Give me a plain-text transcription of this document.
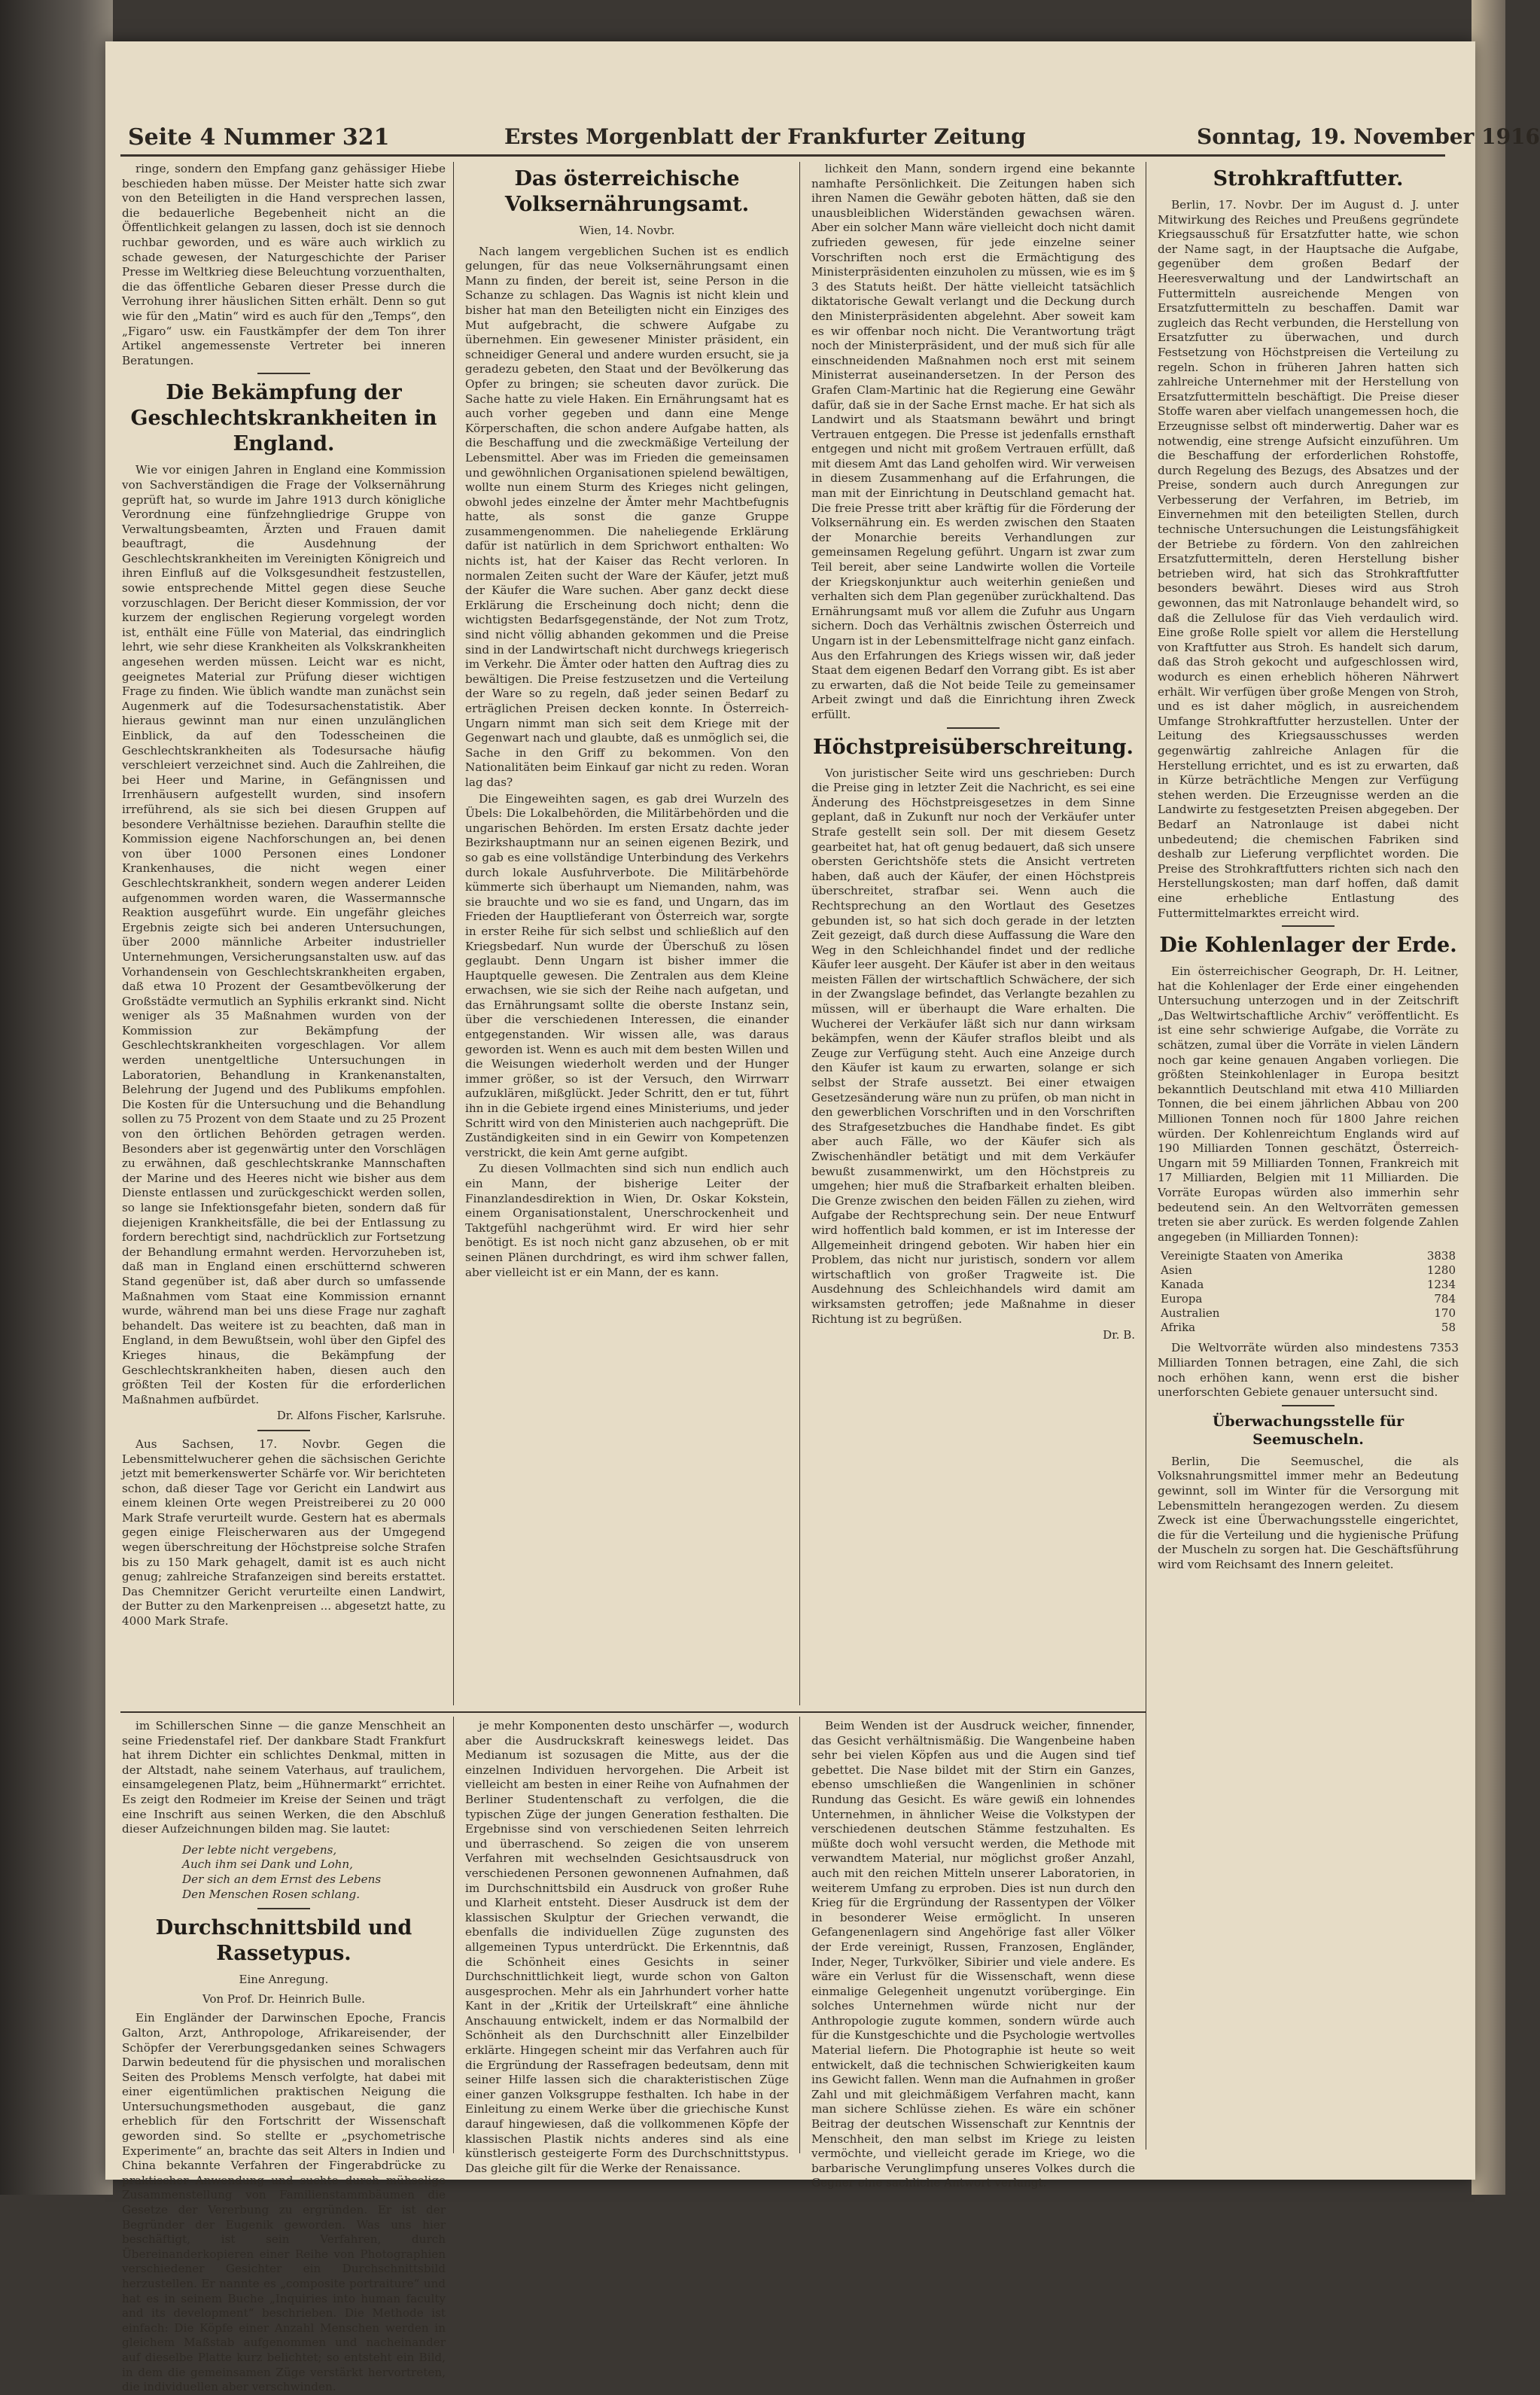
Seite 4 Nummer 321	Erstes Morgenblatt der Frankfurter Zeitung	Sonntag, 19. November 1916

ringe, sondern den Empfang ganz gehässiger Hiebe beschieden haben müsse. Der Meister hatte sich zwar von den Beteiligten in die Hand versprechen lassen, die bedauerliche Begebenheit nicht an die Öffentlichkeit gelangen zu lassen, doch ist sie dennoch ruchbar geworden, und es wäre auch wirklich zu schade gewesen, der Naturgeschichte der Pariser Presse im Weltkrieg diese Beleuchtung vorzuenthalten, die das öffentliche Gebaren dieser Presse durch die Verrohung ihrer häuslichen Sitten erhält. Denn so gut wie für den „Matin“ wird es auch für den „Temps“, den „Figaro“ usw. ein Faustkämpfer der dem Ton ihrer Artikel angemessenste Vertreter bei inneren Beratungen.

Die Bekämpfung der Geschlechtskrankheiten in England.

Wie vor einigen Jahren in England eine Kommission von Sachverständigen die Frage der Volksernährung geprüft hat, so wurde im Jahre 1913 durch königliche Verordnung eine fünfzehngliedrige Gruppe von Verwaltungsbeamten, Ärzten und Frauen damit beauftragt, die Ausdehnung der Geschlechtskrankheiten im Vereinigten Königreich und ihren Einfluß auf die Volksgesundheit festzustellen, sowie entsprechende Mittel gegen diese Seuche vorzuschlagen. Der Bericht dieser Kommission, der vor kurzem der englischen Regierung vorgelegt worden ist, enthält eine Fülle von Material, das eindringlich lehrt, wie sehr diese Krankheiten als Volkskrankheiten angesehen werden müssen. Leicht war es nicht, geeignetes Material zur Prüfung dieser wichtigen Frage zu finden. Wie üblich wandte man zunächst sein Augenmerk auf die Todesursachenstatistik. Aber hieraus gewinnt man nur einen unzulänglichen Einblick, da auf den Todesscheinen die Geschlechtskrankheiten als Todesursache häufig verschleiert verzeichnet sind. Auch die Zahlreihen, die bei Heer und Marine, in Gefängnissen und Irrenhäusern aufgestellt wurden, sind insofern irreführend, als sie sich bei diesen Gruppen auf besondere Verhältnisse beziehen. Daraufhin stellte die Kommission eigene Nachforschungen an, bei denen von über 1000 Personen eines Londoner Krankenhauses, die nicht wegen einer Geschlechtskrankheit, sondern wegen anderer Leiden aufgenommen worden waren, die Wassermannsche Reaktion ausgeführt wurde. Ein ungefähr gleiches Ergebnis zeigte sich bei anderen Untersuchungen, über 2000 männliche Arbeiter industrieller Unternehmungen, Versicherungsanstalten usw. auf das Vorhandensein von Geschlechtskrankheiten ergaben, daß etwa 10 Prozent der Gesamtbevölkerung der Großstädte vermutlich an Syphilis erkrankt sind. Nicht weniger als 35 Maßnahmen wurden von der Kommission zur Bekämpfung der Geschlechtskrankheiten vorgeschlagen. Vor allem werden unentgeltliche Untersuchungen in Laboratorien, Behandlung in Krankenanstalten, Belehrung der Jugend und des Publikums empfohlen. Die Kosten für die Untersuchung und die Behandlung sollen zu 75 Prozent von dem Staate und zu 25 Prozent von den örtlichen Behörden getragen werden. Besonders aber ist gegenwärtig unter den Vorschlägen zu erwähnen, daß geschlechtskranke Mannschaften der Marine und des Heeres nicht wie bisher aus dem Dienste entlassen und zurückgeschickt werden sollen, so lange sie Infektionsgefahr bieten, sondern daß für diejenigen Krankheitsfälle, die bei der Entlassung zu fordern berechtigt sind, nachdrücklich zur Fortsetzung der Behandlung ermahnt werden. Hervorzuheben ist, daß man in England einen erschütternd schweren Stand gegenüber ist, daß aber durch so umfassende Maßnahmen vom Staat eine Kommission ernannt wurde, während man bei uns diese Frage nur zaghaft behandelt. Das weitere ist zu beachten, daß man in England, in dem Bewußtsein, wohl über den Gipfel des Krieges hinaus, die Bekämpfung der Geschlechtskrankheiten haben, diesen auch den größten Teil der Kosten für die erforderlichen Maßnahmen aufbürdet.

Dr. Alfons Fischer, Karlsruhe.

Aus Sachsen, 17. Novbr. Gegen die Lebensmittelwucherer gehen die sächsischen Gerichte jetzt mit bemerkenswerter Schärfe vor. Wir berichteten schon, daß dieser Tage vor Gericht ein Landwirt aus einem kleinen Orte wegen Preistreiberei zu 20 000 Mark Strafe verurteilt wurde. Gestern hat es abermals gegen einige Fleischerwaren aus der Umgegend wegen überschreitung der Höchstpreise solche Strafen bis zu 150 Mark gehagelt, damit ist es auch nicht genug; zahlreiche Strafanzeigen sind bereits erstattet. Das Chemnitzer Gericht verurteilte einen Landwirt, der Butter zu den Markenpreisen ... abgesetzt hatte, zu 4000 Mark Strafe.

Das österreichische Volksernährungsamt.
Wien, 14. Novbr.

Nach langem vergeblichen Suchen ist es endlich gelungen, für das neue Volksernährungsamt einen Mann zu finden, der bereit ist, seine Person in die Schanze zu schlagen. Das Wagnis ist nicht klein und bisher hat man den Beteiligten nicht ein Einziges des Mut aufgebracht, die schwere Aufgabe zu übernehmen. Ein gewesener Minister präsident, ein schneidiger General und andere wurden ersucht, sie ja geradezu gebeten, den Staat und der Bevölkerung das Opfer zu bringen; sie scheuten davor zurück. Die Sache hatte zu viele Haken. Ein Ernährungsamt hat es auch vorher gegeben und dann eine Menge Körperschaften, die schon andere Aufgabe hatten, als die Beschaffung und die zweckmäßige Verteilung der Lebensmittel. Aber was im Frieden die gemeinsamen und gewöhnlichen Organisationen spielend bewältigen, wollte nun einem Sturm des Krieges nicht gelingen, obwohl jedes einzelne der Ämter mehr Machtbefugnis hatte, als sonst die ganze Gruppe zusammengenommen. Die naheliegende Erklärung dafür ist natürlich in dem Sprichwort enthalten: Wo nichts ist, hat der Kaiser das Recht verloren. In normalen Zeiten sucht der Ware der Käufer, jetzt muß der Käufer die Ware suchen. Aber ganz deckt diese Erklärung die Erscheinung doch nicht; denn die wichtigsten Bedarfsgegenstände, der Not zum Trotz, sind nicht völlig abhanden gekommen und die Preise sind in der Landwirtschaft nicht durchwegs kriegerisch im Verkehr. Die Ämter oder hatten den Auftrag dies zu bewältigen. Die Preise festzusetzen und die Verteilung der Ware so zu regeln, daß jeder seinen Bedarf zu erträglichen Preisen decken konnte. In Österreich-Ungarn nimmt man sich seit dem Kriege mit der Gegenwart nach und glaubte, daß es unmöglich sei, die Sache in den Griff zu bekommen. Von den Nationalitäten beim Einkauf gar nicht zu reden. Woran lag das?

Die Eingeweihten sagen, es gab drei Wurzeln des Übels: Die Lokalbehörden, die Militärbehörden und die ungarischen Behörden. Im ersten Ersatz dachte jeder Bezirkshauptmann nur an seinen eigenen Bezirk, und so gab es eine vollständige Unterbindung des Verkehrs durch lokale Ausfuhrverbote. Die Militärbehörde kümmerte sich überhaupt um Niemanden, nahm, was sie brauchte und wo sie es fand, und Ungarn, das im Frieden der Hauptlieferant von Österreich war, sorgte in erster Reihe für sich selbst und schließlich auf den Kriegsbedarf. Nun wurde der Überschuß zu lösen geglaubt. Denn Ungarn ist bisher immer die Hauptquelle gewesen. Die Zentralen aus dem Kleine erwachsen, wie sie sich der Reihe nach aufgetan, und das Ernährungsamt sollte die oberste Instanz sein, über die verschiedenen Interessen, die einander entgegenstanden. Wir wissen alle, was daraus geworden ist. Wenn es auch mit dem besten Willen und die Weisungen wiederholt werden und der Hunger immer größer, so ist der Versuch, den Wirrwarr aufzuklären, mißglückt. Jeder Schritt, den er tut, führt ihn in die Gebiete irgend eines Ministeriums, und jeder Schritt wird von den Ministerien auch nachgeprüft. Die Zuständigkeiten sind in ein Gewirr von Kompetenzen verstrickt, die kein Amt gerne aufgibt.

Zu diesen Vollmachten sind sich nun endlich auch ein Mann, der bisherige Leiter der Finanzlandesdirektion in Wien, Dr. Oskar Kokstein, einem Organisationstalent, Unerschrockenheit und Taktgefühl nachgerühmt wird. Er wird hier sehr benötigt. Es ist noch nicht ganz abzusehen, ob er mit seinen Plänen durchdringt, es wird ihm schwer fallen, aber vielleicht ist er ein Mann, der es kann.

lichkeit den Mann, sondern irgend eine bekannte namhafte Persönlichkeit. Die Zeitungen haben sich ihren Namen die Gewähr geboten hätten, daß sie den unausbleiblichen Widerständen gewachsen wären. Aber ein solcher Mann wäre vielleicht doch nicht damit zufrieden gewesen, für jede einzelne seiner Vorschriften noch erst die Ermächtigung des Ministerpräsidenten einzuholen zu müssen, wie es im § 3 des Statuts heißt. Der hätte vielleicht tatsächlich diktatorische Gewalt verlangt und die Deckung durch den Ministerpräsidenten abgelehnt. Aber soweit kam es wir offenbar noch nicht. Die Verantwortung trägt noch der Ministerpräsident, und der muß sich für alle einschneidenden Maßnahmen noch erst mit seinem Ministerrat auseinandersetzen. In der Person des Grafen Clam-Martinic hat die Regierung eine Gewähr dafür, daß sie in der Sache Ernst mache. Er hat sich als Landwirt und als Staatsmann bewährt und bringt Vertrauen entgegen. Die Presse ist jedenfalls ernsthaft entgegen und nicht mit großem Vertrauen erfüllt, daß mit diesem Amt das Land geholfen wird. Wir verweisen in diesem Zusammenhang auf die Erfahrungen, die man mit der Einrichtung in Deutschland gemacht hat. Die freie Presse tritt aber kräftig für die Förderung der Volksernährung ein. Es werden zwischen den Staaten der Monarchie bereits Verhandlungen zur gemeinsamen Regelung geführt. Ungarn ist zwar zum Teil bereit, aber seine Landwirte wollen die Vorteile der Kriegskonjunktur auch weiterhin genießen und verhalten sich dem Plan gegenüber zurückhaltend. Das Ernährungsamt muß vor allem die Zufuhr aus Ungarn sichern. Doch das Verhältnis zwischen Österreich und Ungarn ist in der Lebensmittelfrage nicht ganz einfach. Aus den Erfahrungen des Kriegs wissen wir, daß jeder Staat dem eigenen Bedarf den Vorrang gibt. Es ist aber zu erwarten, daß die Not beide Teile zu gemeinsamer Arbeit zwingt und daß die Einrichtung ihren Zweck erfüllt.

Höchstpreisüberschreitung.

Von juristischer Seite wird uns geschrieben: Durch die Preise ging in letzter Zeit die Nachricht, es sei eine Änderung des Höchstpreisgesetzes in dem Sinne geplant, daß in Zukunft nur noch der Verkäufer unter Strafe gestellt sein soll. Der mit diesem Gesetz gearbeitet hat, hat oft genug bedauert, daß sich unsere obersten Gerichtshöfe stets die Ansicht vertreten haben, daß auch der Käufer, der einen Höchstpreis überschreitet, strafbar sei. Wenn auch die Rechtsprechung an den Wortlaut des Gesetzes gebunden ist, so hat sich doch gerade in der letzten Zeit gezeigt, daß durch diese Auffassung die Ware den Weg in den Schleichhandel findet und der redliche Käufer leer ausgeht. Der Käufer ist aber in den weitaus meisten Fällen der wirtschaftlich Schwächere, der sich in der Zwangslage befindet, das Verlangte bezahlen zu müssen, will er überhaupt die Ware erhalten. Die Wucherei der Verkäufer läßt sich nur dann wirksam bekämpfen, wenn der Käufer straflos bleibt und als Zeuge zur Verfügung steht. Auch eine Anzeige durch den Käufer ist kaum zu erwarten, solange er sich selbst der Strafe aussetzt. Bei einer etwaigen Gesetzesänderung wäre nun zu prüfen, ob man nicht in den gewerblichen Vorschriften und in den Vorschriften des Strafgesetzbuches die Handhabe findet. Es gibt aber auch Fälle, wo der Käufer sich als Zwischenhändler betätigt und mit dem Verkäufer bewußt zusammenwirkt, um den Höchstpreis zu umgehen; hier muß die Strafbarkeit erhalten bleiben. Die Grenze zwischen den beiden Fällen zu ziehen, wird Aufgabe der Rechtsprechung sein. Der neue Entwurf wird hoffentlich bald kommen, er ist im Interesse der Allgemeinheit dringend geboten. Wir haben hier ein Problem, das nicht nur juristisch, sondern vor allem wirtschaftlich von großer Tragweite ist. Die Ausdehnung des Schleichhandels wird damit am wirksamsten getroffen; jede Maßnahme in dieser Richtung ist zu begrüßen.

Dr. B.
Strohkraftfutter.

Berlin, 17. Novbr. Der im August d. J. unter Mitwirkung des Reiches und Preußens gegründete Kriegsausschuß für Ersatzfutter hatte, wie schon der Name sagt, in der Hauptsache die Aufgabe, gegenüber dem großen Bedarf der Heeresverwaltung und der Landwirtschaft an Futtermitteln ausreichende Mengen von Ersatzfuttermitteln zu beschaffen. Damit war zugleich das Recht verbunden, die Herstellung von Ersatzfutter zu überwachen, und durch Festsetzung von Höchstpreisen die Verteilung zu regeln. Schon in früheren Jahren hatten sich zahlreiche Unternehmer mit der Herstellung von Ersatzfuttermitteln beschäftigt. Die Preise dieser Stoffe waren aber vielfach unangemessen hoch, die Erzeugnisse selbst oft minderwertig. Daher war es notwendig, eine strenge Aufsicht einzuführen. Um die Beschaffung der erforderlichen Rohstoffe, durch Regelung des Bezugs, des Absatzes und der Preise, sondern auch durch Anregungen zur Verbesserung der Verfahren, im Betrieb, im Einvernehmen mit den beteiligten Stellen, durch technische Untersuchungen die Leistungsfähigkeit der Betriebe zu fördern. Von den zahlreichen Ersatzfuttermitteln, deren Herstellung bisher betrieben wird, hat sich das Strohkraftfutter besonders bewährt. Dieses wird aus Stroh gewonnen, das mit Natronlauge behandelt wird, so daß die Zellulose für das Vieh verdaulich wird. Eine große Rolle spielt vor allem die Herstellung von Kraftfutter aus Stroh. Es handelt sich darum, daß das Stroh gekocht und aufgeschlossen wird, wodurch es einen erheblich höheren Nährwert erhält. Wir verfügen über große Mengen von Stroh, und es ist daher möglich, in ausreichendem Umfange Strohkraftfutter herzustellen. Unter der Leitung des Kriegsausschusses werden gegenwärtig zahlreiche Anlagen für die Herstellung errichtet, und es ist zu erwarten, daß in Kürze beträchtliche Mengen zur Verfügung stehen werden. Die Erzeugnisse werden an die Landwirte zu festgesetzten Preisen abgegeben. Der Bedarf an Natronlauge ist dabei nicht unbedeutend; die chemischen Fabriken sind deshalb zur Lieferung verpflichtet worden. Die Preise des Strohkraftfutters richten sich nach den Herstellungskosten; man darf hoffen, daß damit eine erhebliche Entlastung des Futtermittelmarktes erreicht wird.

Die Kohlenlager der Erde.

Ein österreichischer Geograph, Dr. H. Leitner, hat die Kohlenlager der Erde einer eingehenden Untersuchung unterzogen und in der Zeitschrift „Das Weltwirtschaftliche Archiv“ veröffentlicht. Es ist eine sehr schwierige Aufgabe, die Vorräte zu schätzen, zumal über die Vorräte in vielen Ländern noch gar keine genauen Angaben vorliegen. Die größten Steinkohlenlager in Europa besitzt bekanntlich Deutschland mit etwa 410 Milliarden Tonnen, die bei einem jährlichen Abbau von 200 Millionen Tonnen noch für 1800 Jahre reichen würden. Der Kohlenreichtum Englands wird auf 190 Milliarden Tonnen geschätzt, Österreich-Ungarn mit 59 Milliarden Tonnen, Frankreich mit 17 Milliarden, Belgien mit 11 Milliarden. Die Vorräte Europas würden also immerhin sehr bedeutend sein. An den Weltvorräten gemessen treten sie aber zurück. Es werden folgende Zahlen angegeben (in Milliarden Tonnen):

Vereinigte Staaten von Amerika	3838
Asien	1280
Kanada	1234
Europa	784
Australien	170
Afrika	58

Die Weltvorräte würden also mindestens 7353 Milliarden Tonnen betragen, eine Zahl, die sich noch erhöhen kann, wenn erst die bisher unerforschten Gebiete genauer untersucht sind.

Überwachungsstelle für Seemuscheln.

Berlin, Die Seemuschel, die als Volksnahrungsmittel immer mehr an Bedeutung gewinnt, soll im Winter für die Versorgung mit Lebensmitteln herangezogen werden. Zu diesem Zweck ist eine Überwachungsstelle eingerichtet, die für die Verteilung und die hygienische Prüfung der Muscheln zu sorgen hat. Die Geschäftsführung wird vom Reichsamt des Innern geleitet.

im Schillerschen Sinne — die ganze Menschheit an seine Friedenstafel rief. Der dankbare Stadt Frankfurt hat ihrem Dichter ein schlichtes Denkmal, mitten in der Altstadt, nahe seinem Vaterhaus, auf traulichem, einsamgelegenen Platz, beim „Hühnermarkt“ errichtet. Es zeigt den Rodmeier im Kreise der Seinen und trägt eine Inschrift aus seinen Werken, die den Abschluß dieser Aufzeichnungen bilden mag. Sie lautet:

Der lebte nicht vergebens,
Auch ihm sei Dank und Lohn,
Der sich an dem Ernst des Lebens
Den Menschen Rosen schlang.
Durchschnittsbild und Rassetypus.
Eine Anregung.
Von Prof. Dr. Heinrich Bulle.

Ein Engländer der Darwinschen Epoche, Francis Galton, Arzt, Anthropologe, Afrikareisender, der Schöpfer der Vererbungsgedanken seines Schwagers Darwin bedeutend für die physischen und moralischen Seiten des Problems Mensch verfolgte, hat dabei mit einer eigentümlichen praktischen Neigung die Untersuchungsmethoden ausgebaut, die ganz erheblich für den Fortschritt der Wissenschaft geworden sind. So stellte er „psychometrische Experimente“ an, brachte das seit Alters in Indien und China bekannte Verfahren der Fingerabdrücke zu praktischer Anwendung und suchte durch mühselige Zusammenstellung von Familienstammbäumen die Gesetze der Vererbung zu ergründen. Er ist der Begründer der Eugenik geworden. Was uns hier beschäftigt, ist sein Verfahren, durch Übereinanderkopieren einer Reihe von Photographien verschiedener Gesichter ein Durchschnittsbild herzustellen. Er nannte es „composite portraiture“ und hat es in seinem Buche „Inquiries into human faculty and its development“ beschrieben. Die Methode ist einfach: Die Köpfe einer Anzahl Menschen werden in gleichem Maßstab aufgenommen und nacheinander auf dieselbe Platte kurz belichtet; so entsteht ein Bild, in dem die gemeinsamen Züge verstärkt hervortreten, die individuellen aber verschwinden.

je mehr Komponenten desto unschärfer —, wodurch aber die Ausdruckskraft keineswegs leidet. Das Medianum ist sozusagen die Mitte, aus der die einzelnen Individuen hervorgehen. Die Arbeit ist vielleicht am besten in einer Reihe von Aufnahmen der Berliner Studentenschaft zu verfolgen, die die typischen Züge der jungen Generation festhalten. Die Ergebnisse sind von verschiedenen Seiten lehrreich und überraschend. So zeigen die von unserem Verfahren mit wechselnden Gesichtsausdruck von verschiedenen Personen gewonnenen Aufnahmen, daß im Durchschnittsbild ein Ausdruck von großer Ruhe und Klarheit entsteht. Dieser Ausdruck ist dem der klassischen Skulptur der Griechen verwandt, die ebenfalls die individuellen Züge zugunsten des allgemeinen Typus unterdrückt. Die Erkenntnis, daß die Schönheit eines Gesichts in seiner Durchschnittlichkeit liegt, wurde schon von Galton ausgesprochen. Mehr als ein Jahrhundert vorher hatte Kant in der „Kritik der Urteilskraft“ eine ähnliche Anschauung entwickelt, indem er das Normalbild der Schönheit als den Durchschnitt aller Einzelbilder erklärte. Hingegen scheint mir das Verfahren auch für die Ergründung der Rassefragen bedeutsam, denn mit seiner Hilfe lassen sich die charakteristischen Züge einer ganzen Volksgruppe festhalten. Ich habe in der Einleitung zu einem Werke über die griechische Kunst darauf hingewiesen, daß die vollkommenen Köpfe der klassischen Plastik nichts anderes sind als eine künstlerisch gesteigerte Form des Durchschnittstypus. Das gleiche gilt für die Werke der Renaissance.

Beim Wenden ist der Ausdruck weicher, finnender, das Gesicht verhältnismäßig. Die Wangenbeine haben sehr bei vielen Köpfen aus und die Augen sind tief gebettet. Die Nase bildet mit der Stirn ein Ganzes, ebenso umschließen die Wangenlinien in schöner Rundung das Gesicht. Es wäre gewiß ein lohnendes Unternehmen, in ähnlicher Weise die Volkstypen der verschiedenen deutschen Stämme festzuhalten. Es müßte doch wohl versucht werden, die Methode mit verwandtem Material, nur möglichst großer Anzahl, auch mit den reichen Mitteln unserer Laboratorien, in weiterem Umfang zu erproben. Dies ist nun durch den Krieg für die Ergründung der Rassentypen der Völker in besonderer Weise ermöglicht. In unseren Gefangenenlagern sind Angehörige fast aller Völker der Erde vereinigt, Russen, Franzosen, Engländer, Inder, Neger, Turkvölker, Sibirier und viele andere. Es wäre ein Verlust für die Wissenschaft, wenn diese einmalige Gelegenheit ungenutzt vorüberginge. Ein solches Unternehmen würde nicht nur der Anthropologie zugute kommen, sondern würde auch für die Kunstgeschichte und die Psychologie wertvolles Material liefern. Die Photographie ist heute so weit entwickelt, daß die technischen Schwierigkeiten kaum ins Gewicht fallen. Wenn man die Aufnahmen in großer Zahl und mit gleichmäßigem Verfahren macht, kann man sichere Schlüsse ziehen. Es wäre ein schöner Beitrag der deutschen Wissenschaft zur Kenntnis der Menschheit, den man selbst im Kriege zu leisten vermöchte, und vielleicht gerade im Kriege, wo die barbarische Verunglimpfung unseres Volkes durch die Gegner eine sachliche Antwort verlangt.
